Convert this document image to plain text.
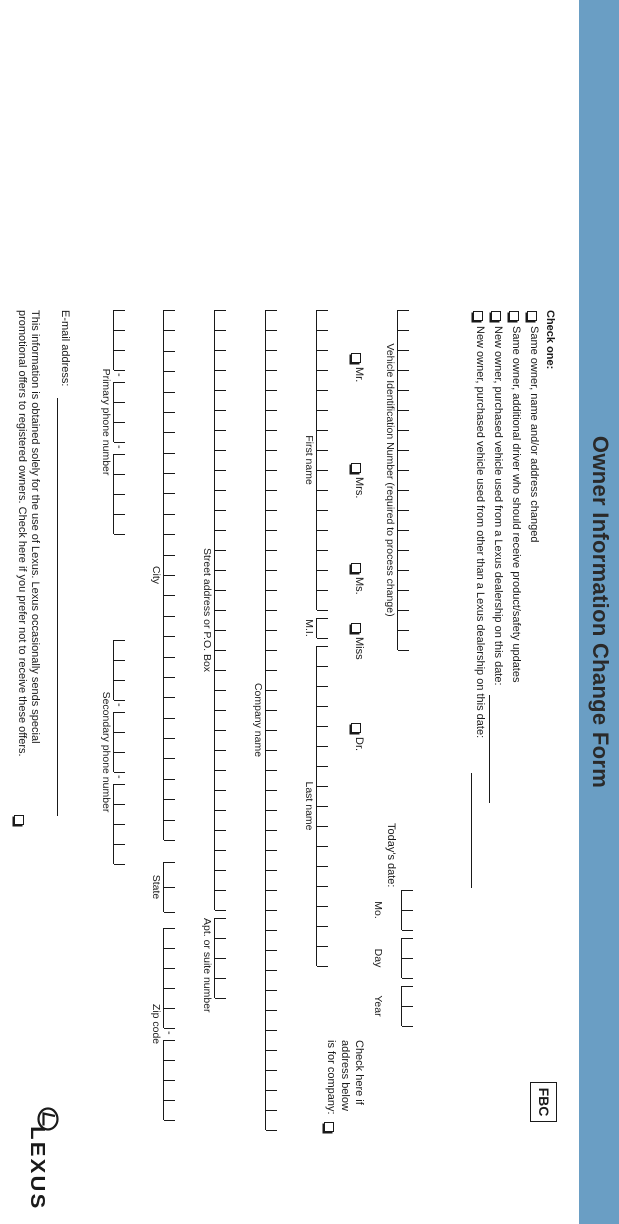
Owner Information Change Form
FBC
Check one:
Same owner, name and/or address changed
Same owner, additional driver who should receive product/safety updates
New owner, purchased vehicle used from a Lexus dealership on this date:
New owner, purchased vehicle used from other than a Lexus dealership on this date:
Vehicle Identification Number (required to process change)
Today's date:
Mo.
Day
Year
Mr.
Mrs.
Ms.
Miss
Dr.
Check here if
address below
is for company:
First name
M.I.
Last name
Company name
Street address or P.O. Box
Apt. or suite number
-
City
State
Zip code
-
-
Primary phone number
-
-
Secondary phone number
E-mail address:
This information is obtained solely for the use of Lexus. Lexus occasionally sends special
promotional offers to registered owners. Check here if you prefer not to receive these offers.
LEXUS
